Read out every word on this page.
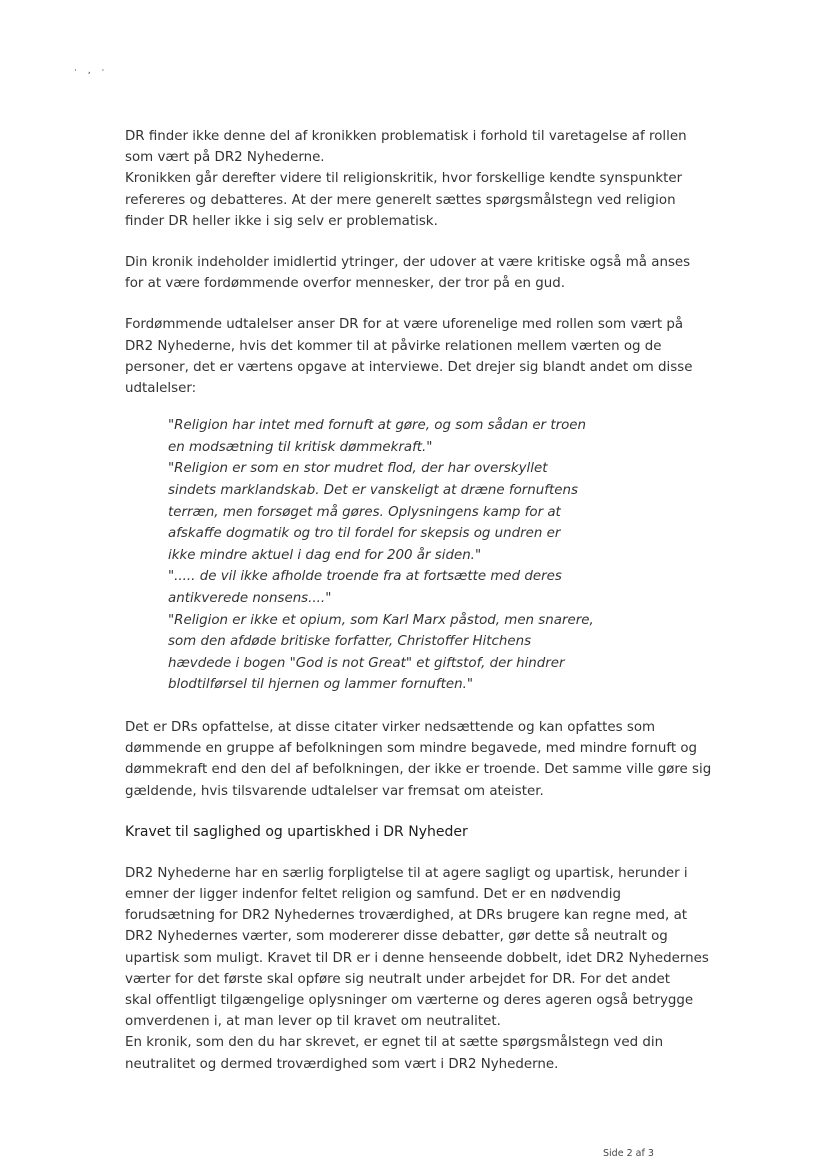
· ‚ ·

DR finder ikke denne del af kronikken problematisk i forhold til varetagelse af rollen

som vært på DR2 Nyhederne.

Kronikken går derefter videre til religionskritik, hvor forskellige kendte synspunkter

refereres og debatteres. At der mere generelt sættes spørgsmålstegn ved religion

finder DR heller ikke i sig selv er problematisk.

Din kronik indeholder imidlertid ytringer, der udover at være kritiske også må anses

for at være fordømmende overfor mennesker, der tror på en gud.

Fordømmende udtalelser anser DR for at være uforenelige med rollen som vært på

DR2 Nyhederne, hvis det kommer til at påvirke relationen mellem værten og de

personer, det er værtens opgave at interviewe. Det drejer sig blandt andet om disse

udtalelser:

"Religion har intet med fornuft at gøre, og som sådan er troen

en modsætning til kritisk dømmekraft."

"Religion er som en stor mudret flod, der har overskyllet

sindets marklandskab. Det er vanskeligt at dræne fornuftens

terræn, men forsøget må gøres. Oplysningens kamp for at

afskaffe dogmatik og tro til fordel for skepsis og undren er

ikke mindre aktuel i dag end for 200 år siden."

"..... de vil ikke afholde troende fra at fortsætte med deres

antikverede nonsens...."

"Religion er ikke et opium, som Karl Marx påstod, men snarere,

som den afdøde britiske forfatter, Christoffer Hitchens

hævdede i bogen "God is not Great" et giftstof, der hindrer

blodtilførsel til hjernen og lammer fornuften."

Det er DRs opfattelse, at disse citater virker nedsættende og kan opfattes som

dømmende en gruppe af befolkningen som mindre begavede, med mindre fornuft og

dømmekraft end den del af befolkningen, der ikke er troende. Det samme ville gøre sig

gældende, hvis tilsvarende udtalelser var fremsat om ateister.

Kravet til saglighed og upartiskhed i DR Nyheder

DR2 Nyhederne har en særlig forpligtelse til at agere sagligt og upartisk, herunder i

emner der ligger indenfor feltet religion og samfund. Det er en nødvendig

forudsætning for DR2 Nyhedernes troværdighed, at DRs brugere kan regne med, at

DR2 Nyhedernes værter, som modererer disse debatter, gør dette så neutralt og

upartisk som muligt. Kravet til DR er i denne henseende dobbelt, idet DR2 Nyhedernes

værter for det første skal opføre sig neutralt under arbejdet for DR. For det andet

skal offentligt tilgængelige oplysninger om værterne og deres ageren også betrygge

omverdenen i, at man lever op til kravet om neutralitet.

En kronik, som den du har skrevet, er egnet til at sætte spørgsmålstegn ved din

neutralitet og dermed troværdighed som vært i DR2 Nyhederne.

Side 2 af 3
